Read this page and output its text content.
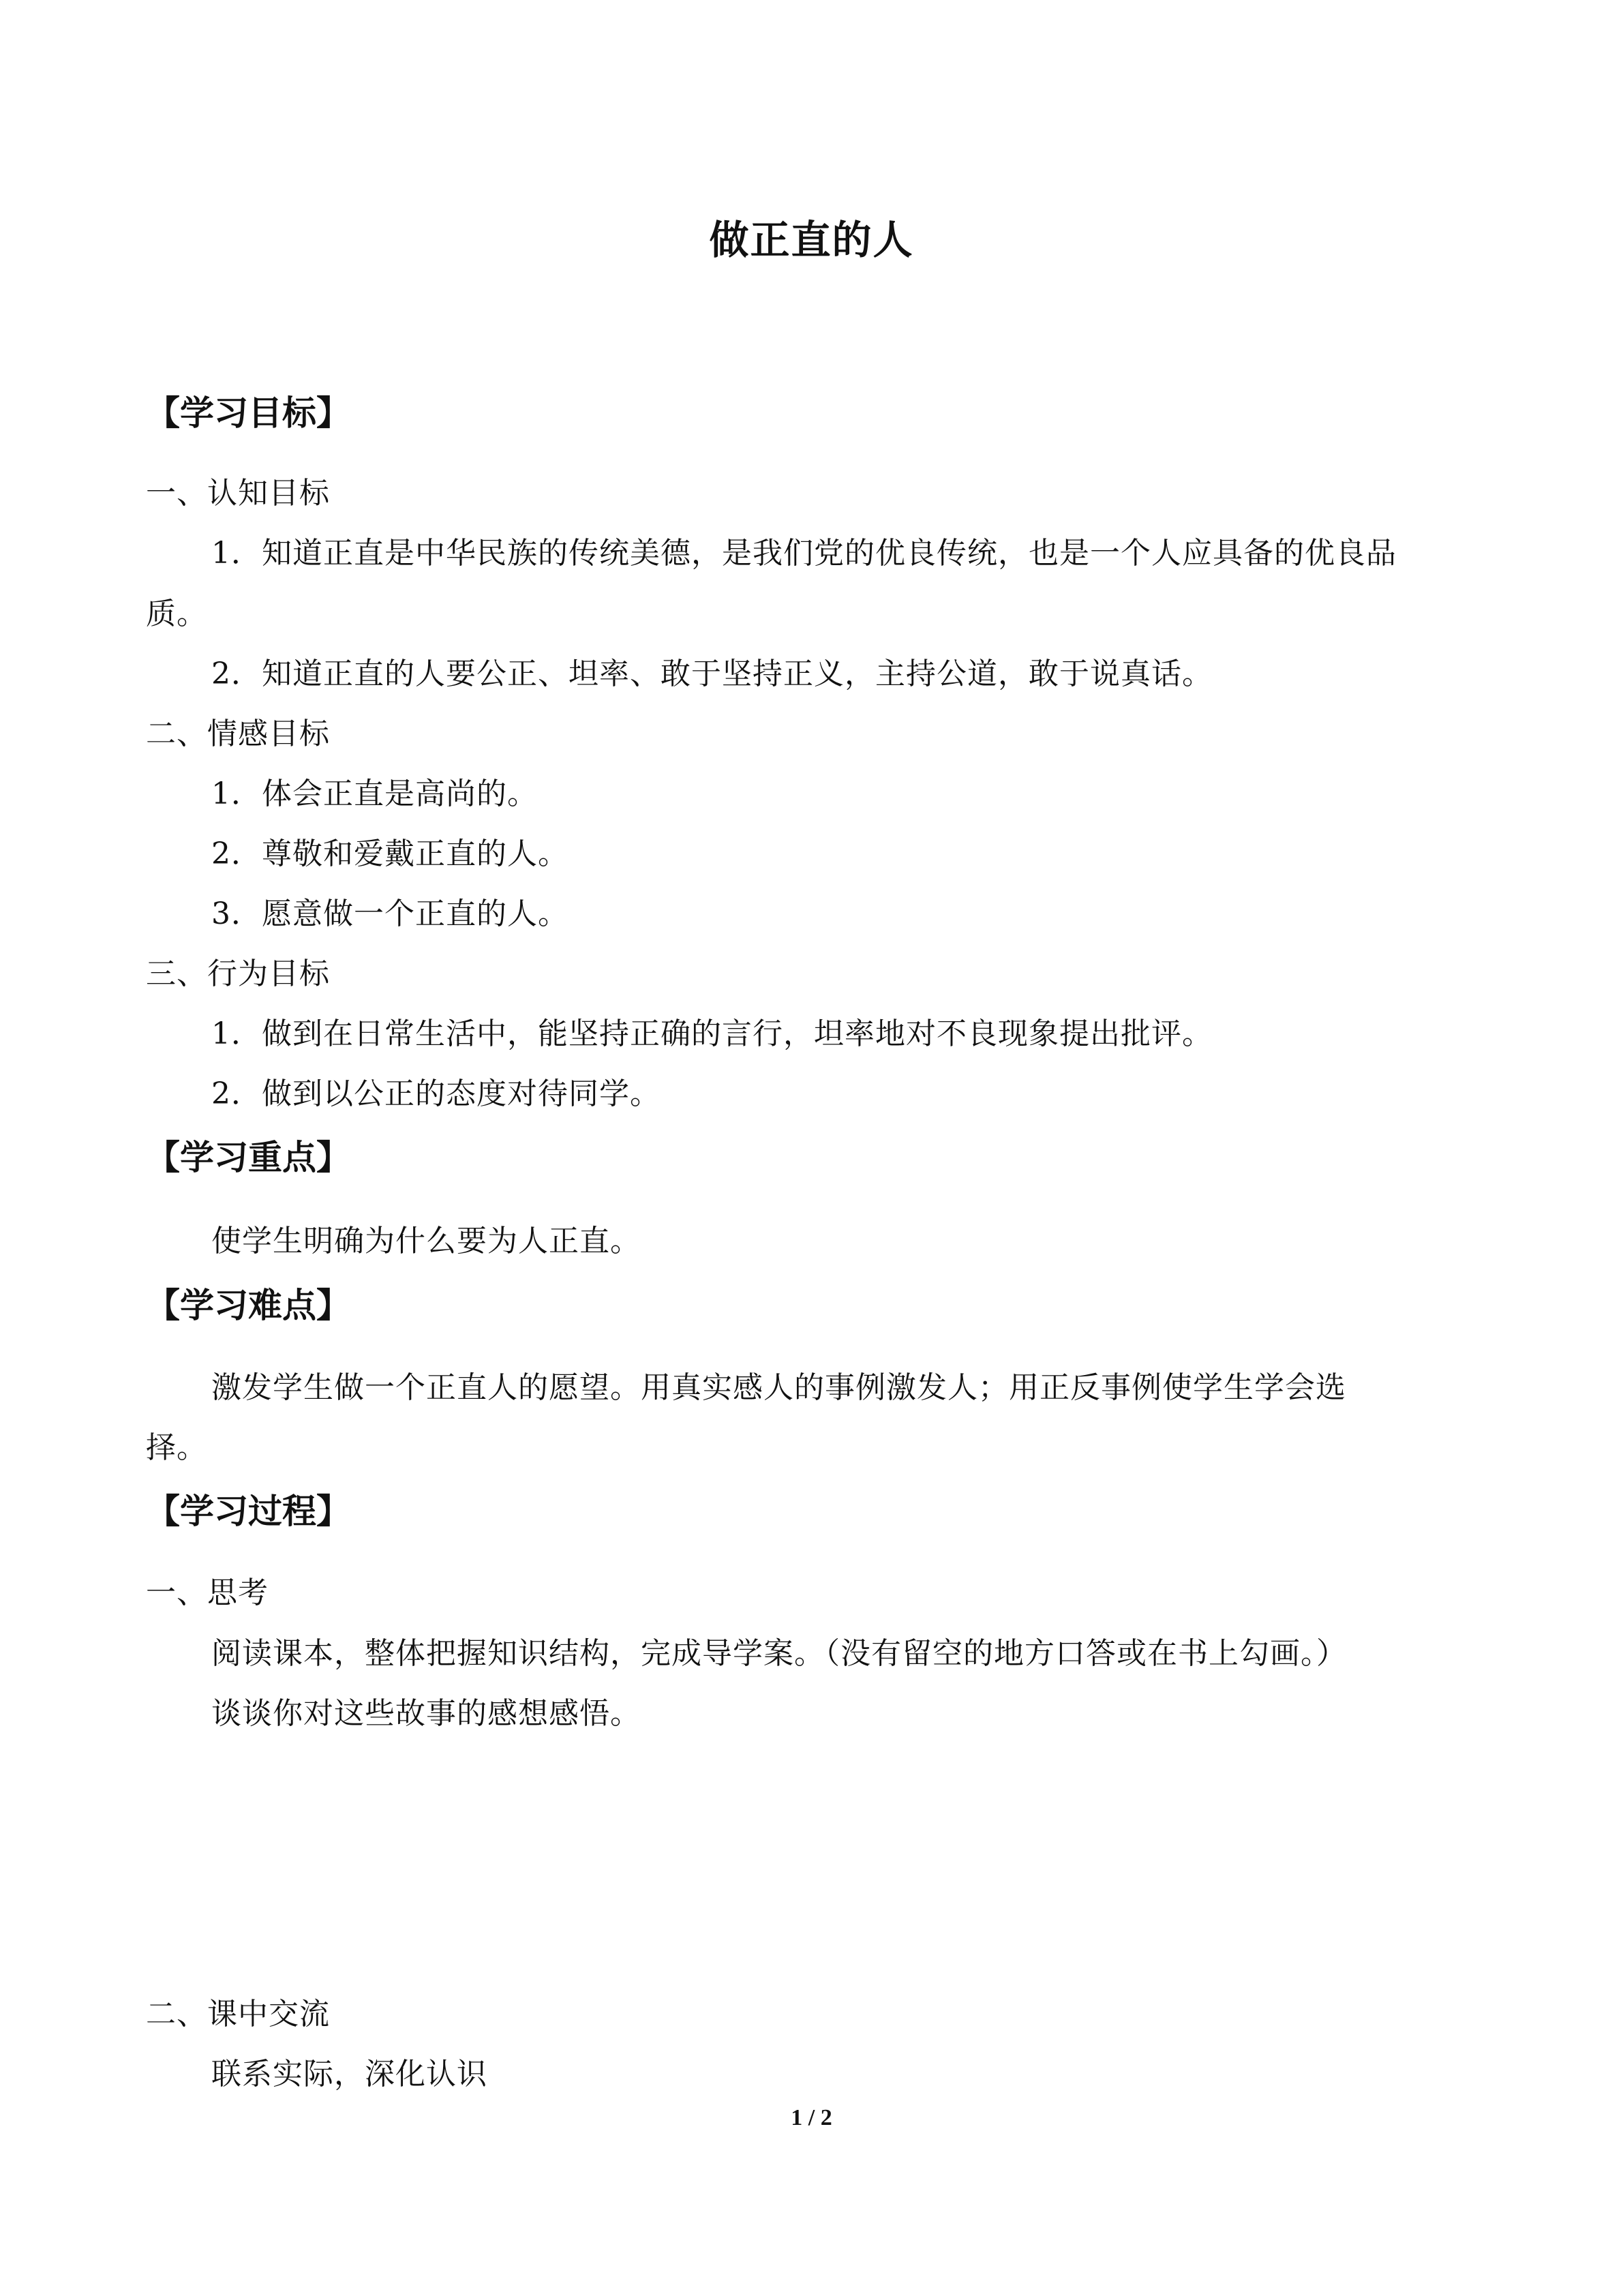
做正直的人
【学习目标】
一、认知目标
1．知道正直是中华民族的传统美德，是我们党的优良传统，也是一个人应具备的优良品
质。
2．知道正直的人要公正、坦率、敢于坚持正义，主持公道，敢于说真话。
二、情感目标
1．体会正直是高尚的。
2．尊敬和爱戴正直的人。
3．愿意做一个正直的人。
三、行为目标
1．做到在日常生活中，能坚持正确的言行，坦率地对不良现象提出批评。
2．做到以公正的态度对待同学。
【学习重点】
使学生明确为什么要为人正直。
【学习难点】
激发学生做一个正直人的愿望。用真实感人的事例激发人；用正反事例使学生学会选
择。
【学习过程】
一、思考
阅读课本，整体把握知识结构，完成导学案。（没有留空的地方口答或在书上勾画。）
谈谈你对这些故事的感想感悟。
二、课中交流
联系实际，深化认识
1 / 2
